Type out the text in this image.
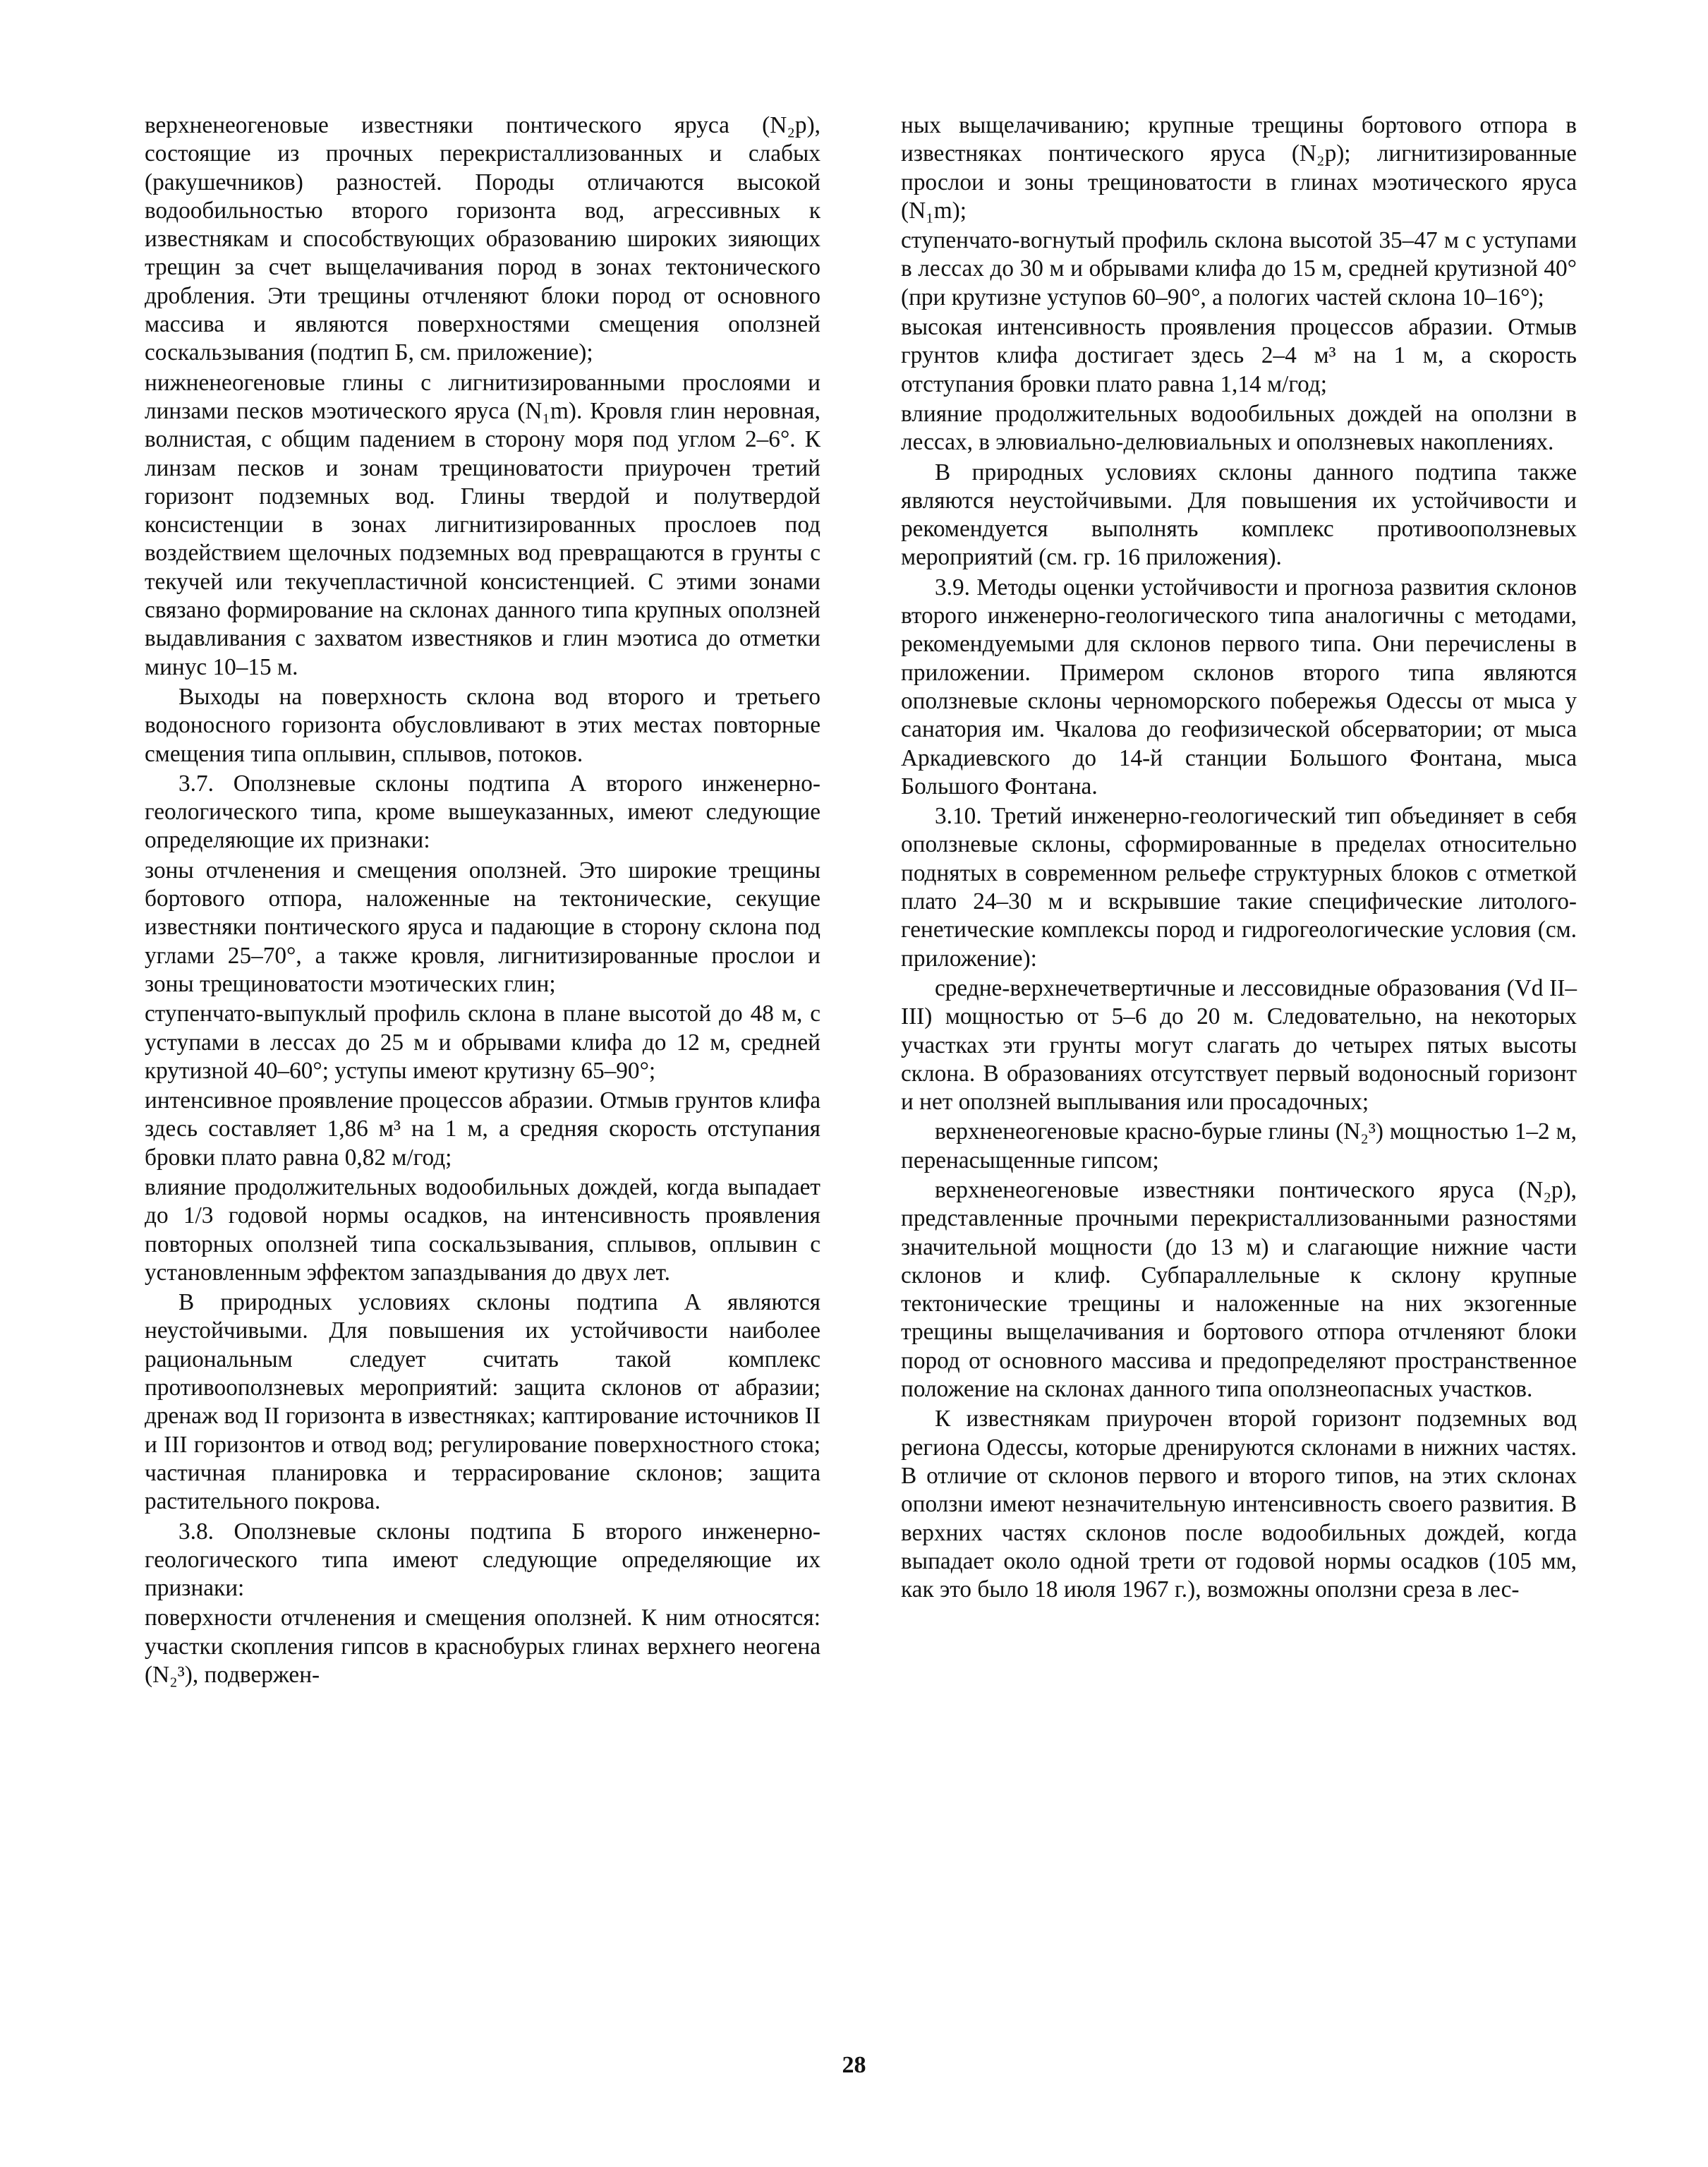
верхненеогеновые известняки понтического яруса (N₂p), состоящие из прочных перекристаллизованных и слабых (ракушечников) разностей. Породы отличаются высокой водообильностью второго горизонта вод, агрессивных к известнякам и способствующих образованию широких зияющих трещин за счет выщелачивания пород в зонах тектонического дробления. Эти трещины отчленяют блоки пород от основного массива и являются поверхностями смещения оползней соскальзывания (подтип Б, см. приложение);

нижненеогеновые глины с лигнитизированными прослоями и линзами песков мэотического яруса (N₁m). Кровля глин неровная, волнистая, с общим падением в сторону моря под углом 2–6°. К линзам песков и зонам трещиноватости приурочен третий горизонт подземных вод. Глины твердой и полутвердой консистенции в зонах лигнитизированных прослоев под воздействием щелочных подземных вод превращаются в грунты с текучей или текучепластичной консистенцией. С этими зонами связано формирование на склонах данного типа крупных оползней выдавливания с захватом известняков и глин мэотиса до отметки минус 10–15 м.

Выходы на поверхность склона вод второго и третьего водоносного горизонта обусловливают в этих местах повторные смещения типа оплывин, сплывов, потоков.

3.7. Оползневые склоны подтипа А второго инженерно-геологического типа, кроме вышеуказанных, имеют следующие определяющие их признаки:

зоны отчленения и смещения оползней. Это широкие трещины бортового отпора, наложенные на тектонические, секущие известняки понтического яруса и падающие в сторону склона под углами 25–70°, а также кровля, лигнитизированные прослои и зоны трещиноватости мэотических глин;

ступенчато-выпуклый профиль склона в плане высотой до 48 м, с уступами в лессах до 25 м и обрывами клифа до 12 м, средней крутизной 40–60°; уступы имеют крутизну 65–90°;

интенсивное проявление процессов абразии. Отмыв грунтов клифа здесь составляет 1,86 м³ на 1 м, а средняя скорость отступания бровки плато равна 0,82 м/год;

влияние продолжительных водообильных дождей, когда выпадает до 1/3 годовой нормы осадков, на интенсивность проявления повторных оползней типа соскальзывания, сплывов, оплывин с установленным эффектом запаздывания до двух лет.

В природных условиях склоны подтипа А являются неустойчивыми. Для повышения их устойчивости наиболее рациональным следует считать такой комплекс противооползневых мероприятий: защита склонов от абразии; дренаж вод II горизонта в известняках; каптирование источников II и III горизонтов и отвод вод; регулирование поверхностного стока; частичная планировка и террасирование склонов; защита растительного покрова.

3.8. Оползневые склоны подтипа Б второго инженерно-геологического типа имеют следующие определяющие их признаки:

поверхности отчленения и смещения оползней. К ним относятся: участки скопления гипсов в краснобурых глинах верхнего неогена (N₂³), подвержен-

ных выщелачиванию; крупные трещины бортового отпора в известняках понтического яруса (N₂p); лигнитизированные прослои и зоны трещиноватости в глинах мэотического яруса (N₁m);

ступенчато-вогнутый профиль склона высотой 35–47 м с уступами в лессах до 30 м и обрывами клифа до 15 м, средней крутизной 40° (при крутизне уступов 60–90°, а пологих частей склона 10–16°);

высокая интенсивность проявления процессов абразии. Отмыв грунтов клифа достигает здесь 2–4 м³ на 1 м, а скорость отступания бровки плато равна 1,14 м/год;

влияние продолжительных водообильных дождей на оползни в лессах, в элювиально-делювиальных и оползневых накоплениях.

В природных условиях склоны данного подтипа также являются неустойчивыми. Для повышения их устойчивости и рекомендуется выполнять комплекс противооползневых мероприятий (см. гр. 16 приложения).

3.9. Методы оценки устойчивости и прогноза развития склонов второго инженерно-геологического типа аналогичны с методами, рекомендуемыми для склонов первого типа. Они перечислены в приложении. Примером склонов второго типа являются оползневые склоны черноморского побережья Одессы от мыса у санатория им. Чкалова до геофизической обсерватории; от мыса Аркадиевского до 14-й станции Большого Фонтана, мыса Большого Фонтана.

3.10. Третий инженерно-геологический тип объединяет в себя оползневые склоны, сформированные в пределах относительно поднятых в современном рельефе структурных блоков с отметкой плато 24–30 м и вскрывшие такие специфические литолого-генетические комплексы пород и гидрогеологические условия (см. приложение):

средне-верхнечетвертичные и лессовидные образования (Vd II–III) мощностью от 5–6 до 20 м. Следовательно, на некоторых участках эти грунты могут слагать до четырех пятых высоты склона. В образованиях отсутствует первый водоносный горизонт и нет оползней выплывания или просадочных;

верхненеогеновые красно-бурые глины (N₂³) мощностью 1–2 м, перенасыщенные гипсом;

верхненеогеновые известняки понтического яруса (N₂p), представленные прочными перекристаллизованными разностями значительной мощности (до 13 м) и слагающие нижние части склонов и клиф. Субпараллельные к склону крупные тектонические трещины и наложенные на них экзогенные трещины выщелачивания и бортового отпора отчленяют блоки пород от основного массива и предопределяют пространственное положение на склонах данного типа оползнеопасных участков.

К известнякам приурочен второй горизонт подземных вод региона Одессы, которые дренируются склонами в нижних частях. В отличие от склонов первого и второго типов, на этих склонах оползни имеют незначительную интенсивность своего развития. В верхних частях склонов после водообильных дождей, когда выпадает около одной трети от годовой нормы осадков (105 мм, как это было 18 июля 1967 г.), возможны оползни среза в лес-

28
